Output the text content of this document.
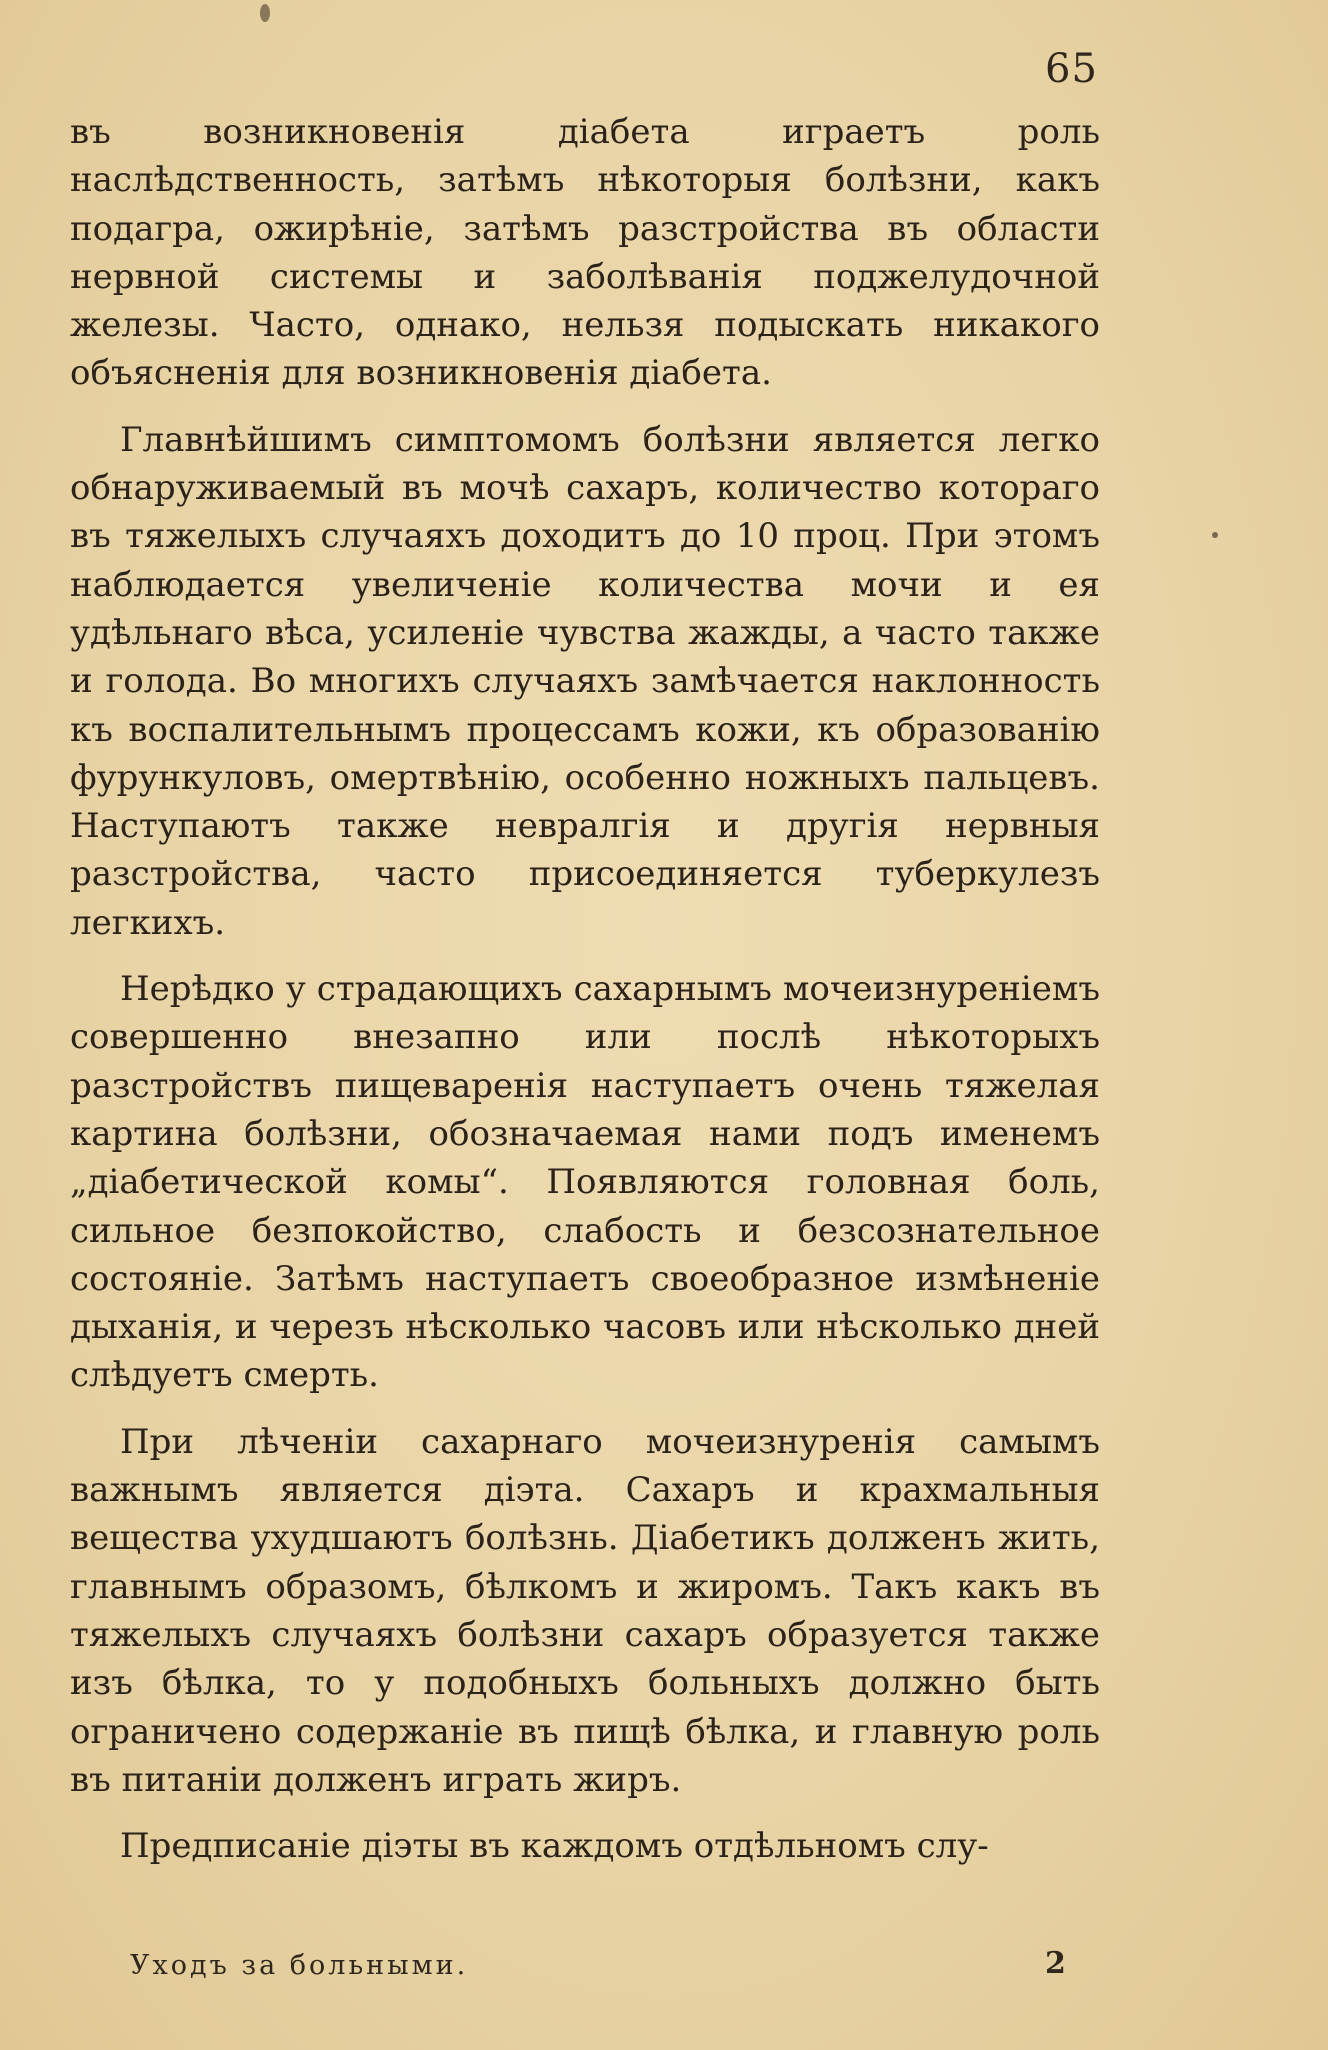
65

въ возникновенія діабета играетъ роль наслѣдственность, затѣмъ нѣкоторыя болѣзни, какъ подагра, ожирѣніе, затѣмъ разстройства въ области нервной системы и заболѣванія поджелудочной железы. Часто, однако, нельзя подыскать никакого объясненія для возникновенія діабета.

Главнѣйшимъ симптомомъ болѣзни является легко обнаруживаемый въ мочѣ сахаръ, количество котораго въ тяжелыхъ случаяхъ доходитъ до 10 проц. При этомъ наблюдается увеличеніе количества мочи и ея удѣльнаго вѣса, усиленіе чувства жажды, а часто также и голода. Во многихъ случаяхъ замѣчается наклонность къ воспалительнымъ процессамъ кожи, къ образованію фурункуловъ, омертвѣнію, особенно ножныхъ пальцевъ. Наступаютъ также невралгія и другія нервныя разстройства, часто присоединяется туберкулезъ легкихъ.

Нерѣдко у страдающихъ сахарнымъ мочеизнуреніемъ совершенно внезапно или послѣ нѣкоторыхъ разстройствъ пищеваренія наступаетъ очень тяжелая картина болѣзни, обозначаемая нами подъ именемъ „діабетической комы“. Появляются головная боль, сильное безпокойство, слабость и безсознательное состояніе. Затѣмъ наступаетъ своеобразное измѣненіе дыханія, и черезъ нѣсколько часовъ или нѣсколько дней слѣдуетъ смерть.

При лѣченіи сахарнаго мочеизнуренія самымъ важнымъ является діэта. Сахаръ и крахмальныя вещества ухудшаютъ болѣзнь. Діабетикъ долженъ жить, главнымъ образомъ, бѣлкомъ и жиромъ. Такъ какъ въ тяжелыхъ случаяхъ болѣзни сахаръ образуется также изъ бѣлка, то у подобныхъ больныхъ должно быть ограничено содержаніе въ пищѣ бѣлка, и главную роль въ питаніи долженъ играть жиръ.

Предписаніе діэты въ каждомъ отдѣльномъ слу-

Уходъ за больными.	2
